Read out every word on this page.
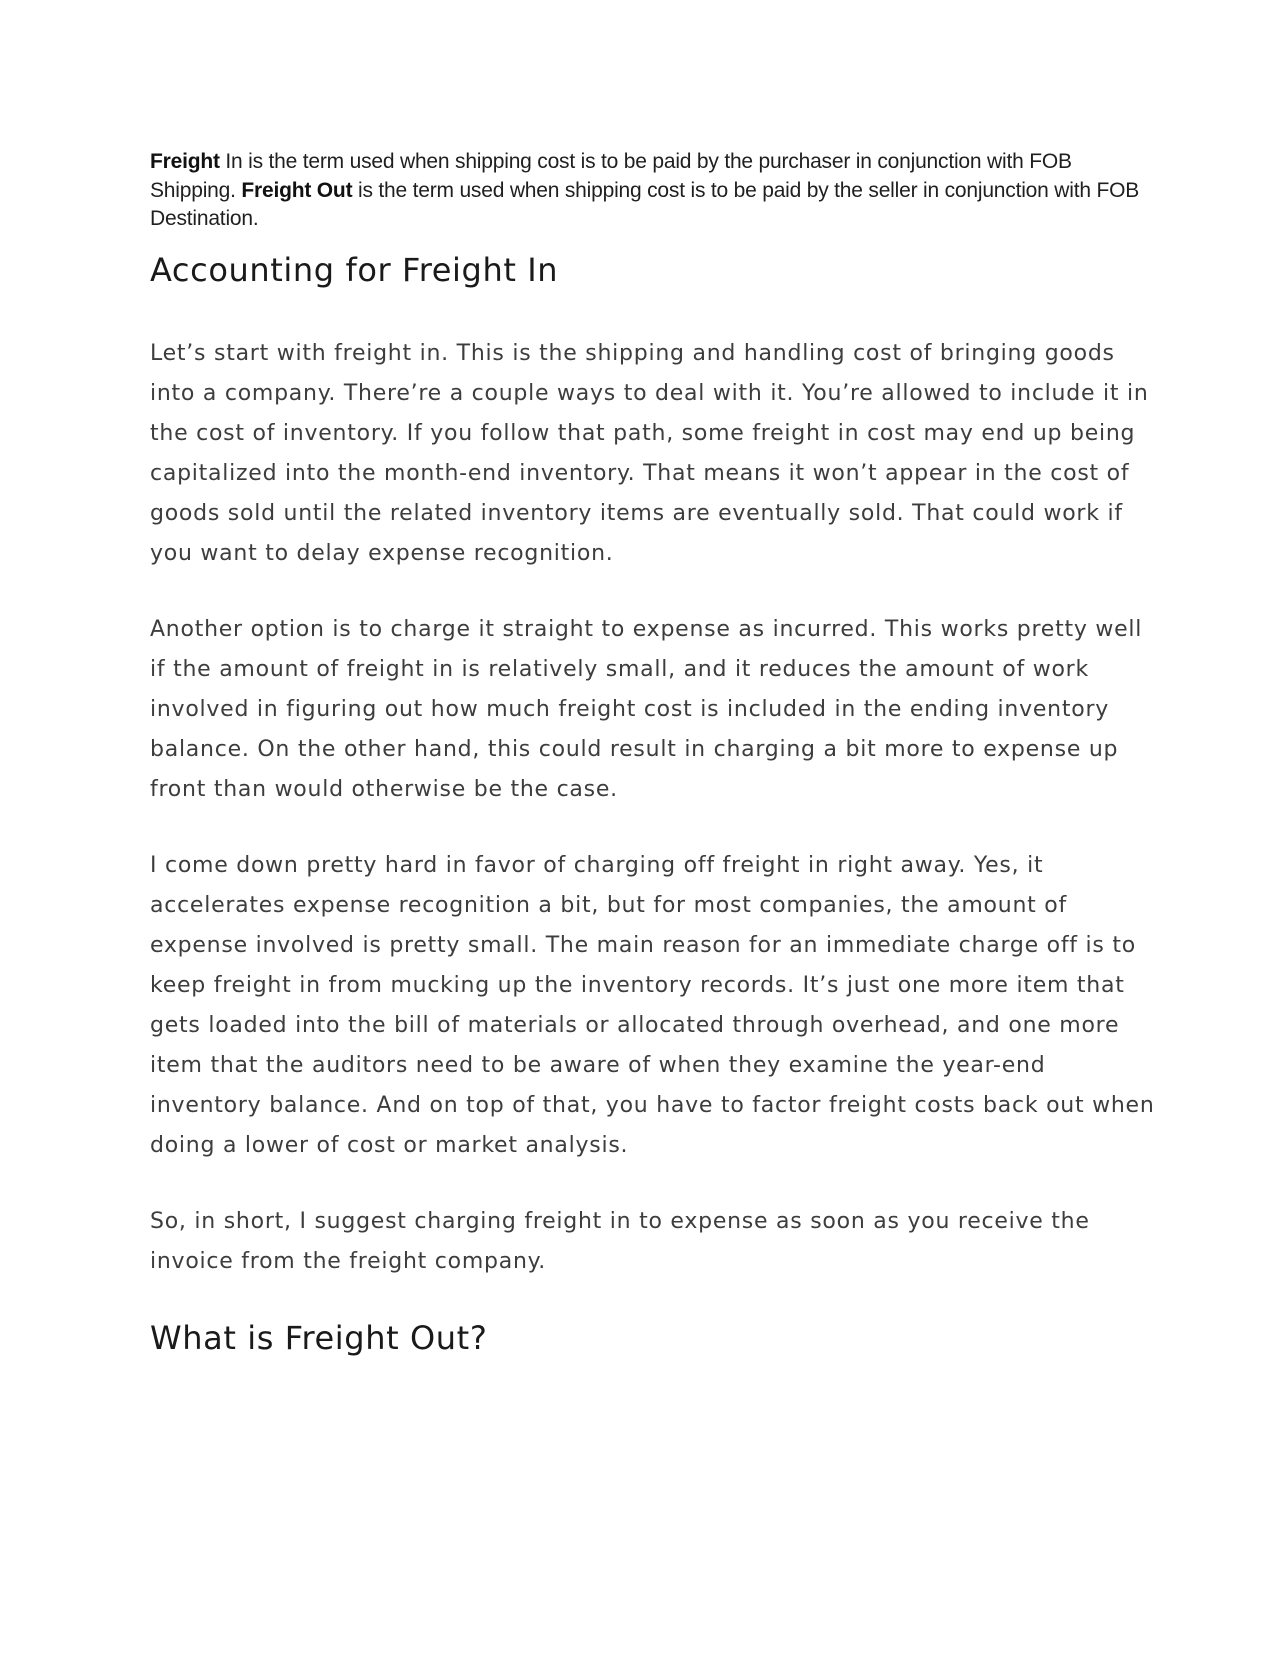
Freight In is the term used when shipping cost is to be paid by the purchaser in conjunction with FOB Shipping. Freight Out is the term used when shipping cost is to be paid by the seller in conjunction with FOB Destination.

Accounting for Freight In

Let’s start with freight in. This is the shipping and handling cost of bringing goods into a company. There’re a couple ways to deal with it. You’re allowed to include it in the cost of inventory. If you follow that path, some freight in cost may end up being capitalized into the month-end inventory. That means it won’t appear in the cost of goods sold until the related inventory items are eventually sold. That could work if you want to delay expense recognition.

Another option is to charge it straight to expense as incurred. This works pretty well if the amount of freight in is relatively small, and it reduces the amount of work involved in figuring out how much freight cost is included in the ending inventory balance. On the other hand, this could result in charging a bit more to expense up front than would otherwise be the case.

I come down pretty hard in favor of charging off freight in right away. Yes, it accelerates expense recognition a bit, but for most companies, the amount of expense involved is pretty small. The main reason for an immediate charge off is to keep freight in from mucking up the inventory records. It’s just one more item that gets loaded into the bill of materials or allocated through overhead, and one more item that the auditors need to be aware of when they examine the year-end inventory balance. And on top of that, you have to factor freight costs back out when doing a lower of cost or market analysis.

So, in short, I suggest charging freight in to expense as soon as you receive the invoice from the freight company.

What is Freight Out?
